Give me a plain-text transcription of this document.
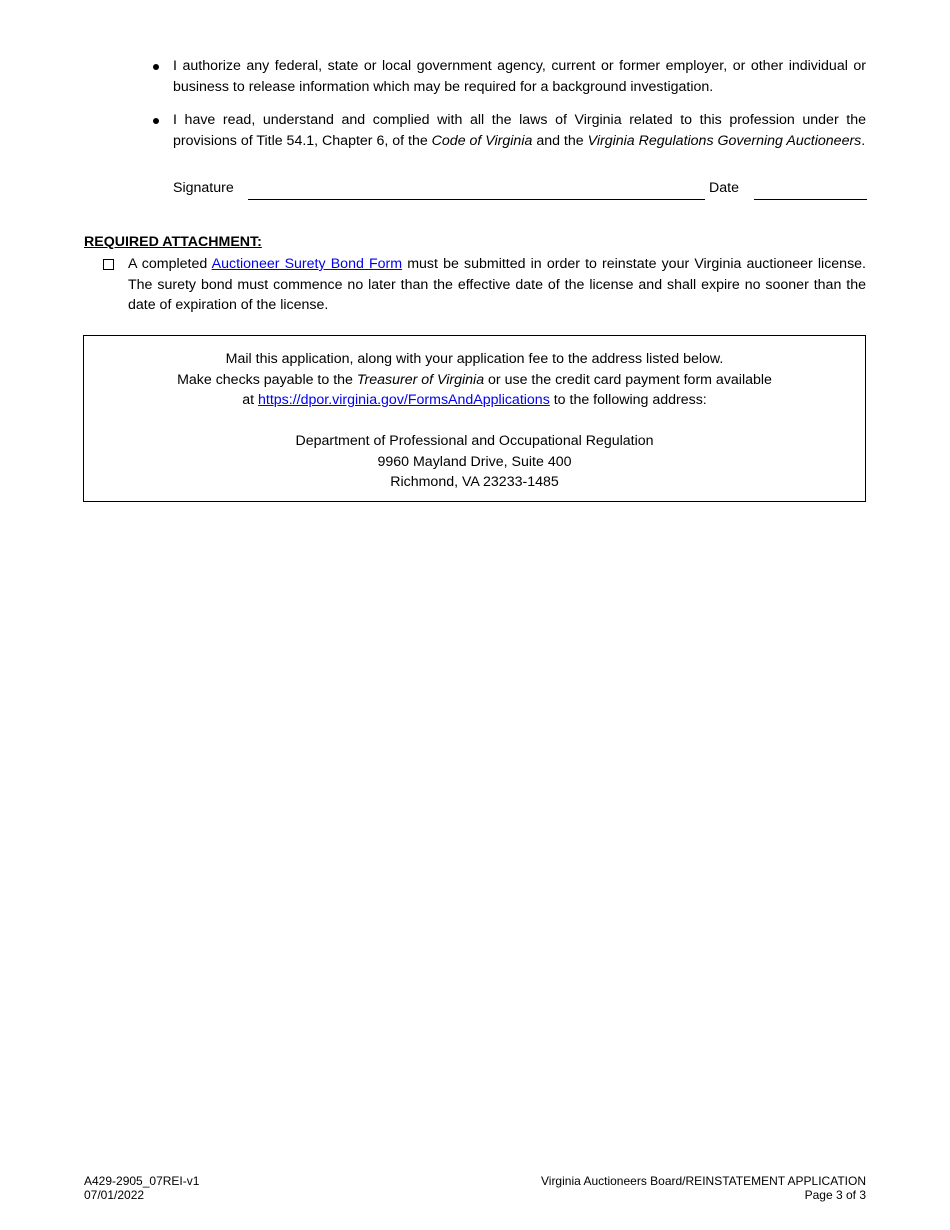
I authorize any federal, state or local government agency, current or former employer, or other individual or business to release information which may be required for a background investigation.
I have read, understand and complied with all the laws of Virginia related to this profession under the provisions of Title 54.1, Chapter 6, of the Code of Virginia and the Virginia Regulations Governing Auctioneers.
Signature	Date
REQUIRED ATTACHMENT:
A completed Auctioneer Surety Bond Form must be submitted in order to reinstate your Virginia auctioneer license. The surety bond must commence no later than the effective date of the license and shall expire no sooner than the date of expiration of the license.
Mail this application, along with your application fee to the address listed below.
Make checks payable to the Treasurer of Virginia or use the credit card payment form available
at https://dpor.virginia.gov/FormsAndApplications to the following address:
Department of Professional and Occupational Regulation
9960 Mayland Drive, Suite 400
Richmond, VA 23233-1485
A429-2905_07REI-v1
07/01/2022
Virginia Auctioneers Board/REINSTATEMENT APPLICATION
Page 3 of 3
